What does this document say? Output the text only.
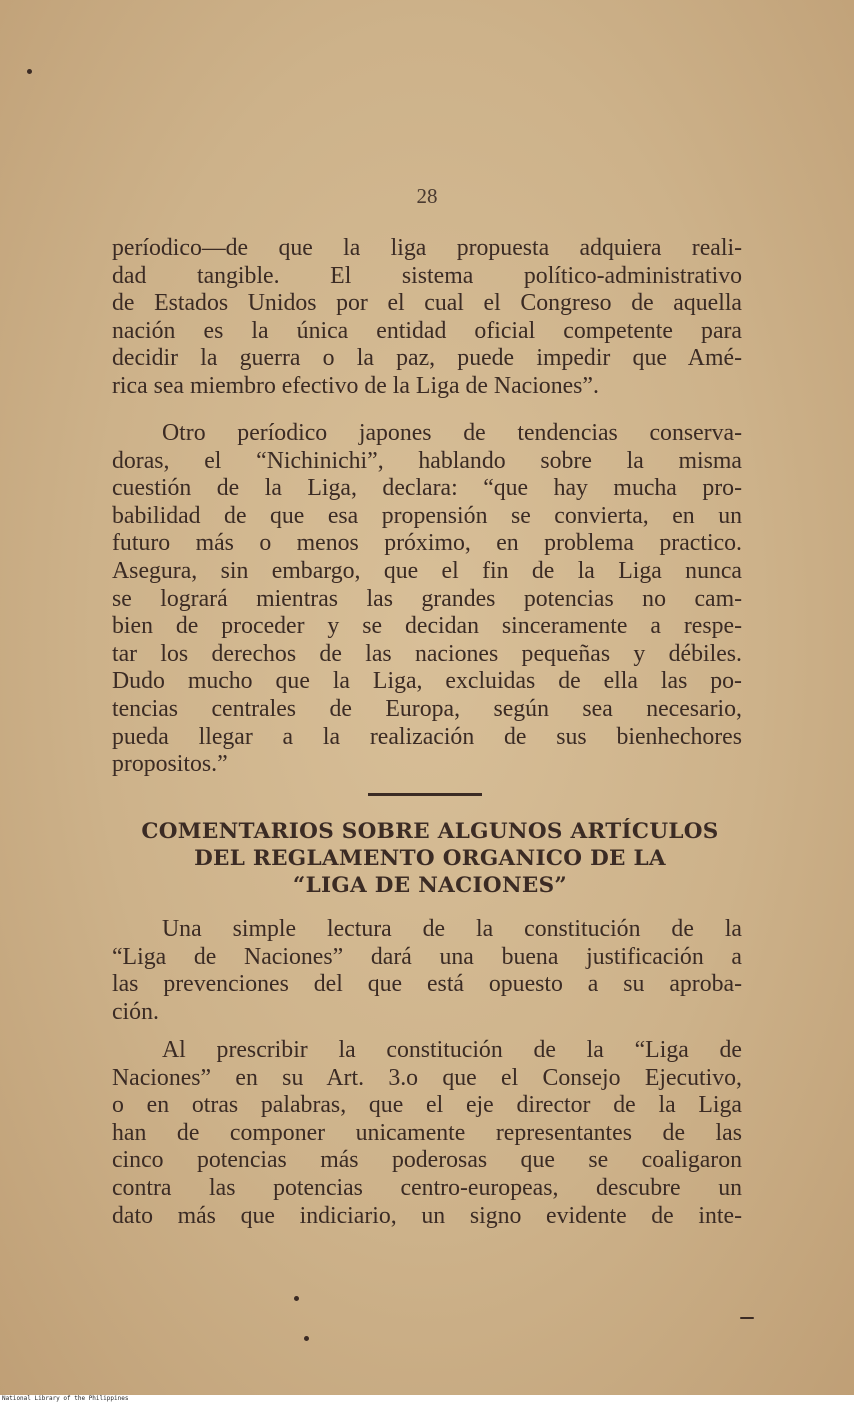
28
períodico—de que la liga propuesta adquiera reali-
dad tangible. El sistema político-administrativo
de Estados Unidos por el cual el Congreso de aquella
nación es la única entidad oficial competente para
decidir la guerra o la paz, puede impedir que Amé-
rica sea miembro efectivo de la Liga de Naciones”.
Otro períodico japones de tendencias conserva-
doras, el “Nichinichi”, hablando sobre la misma
cuestión de la Liga, declara: “que hay mucha pro-
babilidad de que esa propensión se convierta, en un
futuro más o menos próximo, en problema practico.
Asegura, sin embargo, que el fin de la Liga nunca
se logrará mientras las grandes potencias no cam-
bien de proceder y se decidan sinceramente a respe-
tar los derechos de las naciones pequeñas y débiles.
Dudo mucho que la Liga, excluidas de ella las po-
tencias centrales de Europa, según sea necesario,
pueda llegar a la realización de sus bienhechores
propositos.”
COMENTARIOS SOBRE ALGUNOS ARTÍCULOS
DEL REGLAMENTO ORGANICO DE LA
“LIGA DE NACIONES”
Una simple lectura de la constitución de la
“Liga de Naciones” dará una buena justificación a
las prevenciones del que está opuesto a su aproba-
ción.
Al prescribir la constitución de la “Liga de
Naciones” en su Art. 3.o que el Consejo Ejecutivo,
o en otras palabras, que el eje director de la Liga
han de componer unicamente representantes de las
cinco potencias más poderosas que se coaligaron
contra las potencias centro-europeas, descubre un
dato más que indiciario, un signo evidente de inte-
National Library of the Philippines
